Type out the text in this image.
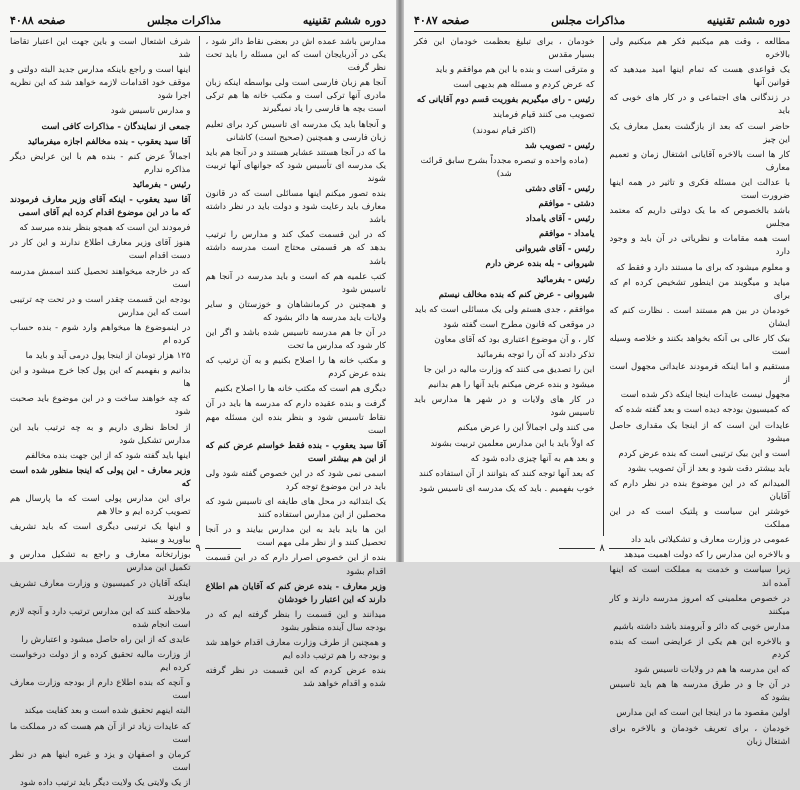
دوره ششم تقنینیه
مذاکرات مجلس
صفحه ۴۰۸۸

مدارس باشد عمده اش در بعضی نقاط دائر شود ، یکی در آذربایجان است که این مسئله را باید تحت نظر گرفت

آنجا هم زبان فارسی است ولی بواسطه اینکه زبان مادری آنها ترکی است و مکتب خانه ها هم ترکی است بچه ها فارسی را یاد نمیگیرند

و آنجاها باید یک مدرسه ای تاسیس کرد برای تعلیم زبان فارسی و همچنین (صحیح است) کاشانی

ما که در آنجا هستند عشایر هستند و در آنجا هم باید یک مدرسه ای تأسیس شود که جوانهای آنها تربیت شوند

بنده تصور میکنم اینها مسائلی است که در قانون معارف باید رعایت شود و دولت باید در نظر داشته باشد

که در این قسمت کمک کند و مدارس را ترتیب بدهد که هر قسمتی محتاج است مدرسه داشته باشد

کتب علمیه هم که است و باید مدرسه در آنجا هم تاسیس شود

و همچنین در کرمانشاهان و خوزستان و سایر ولایات باید مدرسه ها دائر بشود که

در آن جا هم مدرسه تاسیس شده باشد و اگر این کار شود که مدارس ما تحت

و مکتب خانه ها را اصلاح بکنیم و به آن ترتیب که بنده عرض کردم

دیگری هم است که مکتب خانه ها را اصلاح بکنیم

گرفت و بنده عقیده دارم که مدرسه ها باید در آن نقاط تاسیس شود و بنظر بنده این مسئله مهم است

آقا سید یعقوب - بنده فقط خواستم عرض کنم که از این هم بیشتر است

اسمی نمی شود که در این خصوص گفته شود ولی باید در این موضوع توجه کرد

یک ابتدائیه در محل های طایفه ای تاسیس شود که محصلین از این مدارس استفاده کنند

این ها باید باید به این مدارس بیایند و در آنجا تحصیل کنند و از نظر ملی مهم است

بنده از این خصوص اصرار دارم که در این قسمت اقدام بشود

وزیر معارف - بنده عرض کنم که آقایان هم اطلاع دارند که این اعتبار را خودشان

میدانند و این قسمت را بنظر گرفته ایم که در بودجه سال آینده منظور بشود

و همچنین از طرف وزارت معارف اقدام خواهد شد و بودجه را هم ترتیب داده ایم

بنده عرض کردم که این قسمت در نظر گرفته شده و اقدام خواهد شد

شرف اشتعال است و باین جهت این اعتبار تقاضا شد

اینها است و راجع باینکه مدارس جدید البته دولتی و موقف خود اقدامات لازمه خواهد شد که این نظریه اجرا شود

و مدارس تاسیس شود

جمعی از نمایندگان - مذاکرات کافی است

آقا سید یعقوب - بنده مخالفم اجازه میفرمائید

اجمالاً عرض کنم - بنده هم با این عرایض دیگر مذاکره ندارم

رئیس - بفرمائید

آقا سید یعقوب - اینکه آقای وزیر معارف فرمودند که ما در این موضوع اقدام کرده ایم آقای اسمی

فرمودند این است که همچو بنظر بنده میرسد که

هنوز آقای وزیر معارف اطلاع ندارند و این کار در دست اقدام است

که در خارجه میخواهند تحصیل کنند اسمش مدرسه است

بودجه این قسمت چقدر است و در تحت چه ترتیبی است که این مدارس

در اینموضوع ها میخواهم وارد شوم - بنده حساب کرده ام

۱۲۵ هزار تومان از اینجا پول درمی آید و باید ما

بدانیم و بفهمیم که این پول کجا خرج میشود و این ها

که چه خواهند ساخت و در این موضوع باید صحبت شود

از لحاظ نظری داریم و به چه ترتیب باید این مدارس تشکیل شود

اینها باید گفته شود که از این جهت بنده مخالفم

وزیر معارف - این پولی که اینجا منظور شده است که

برای این مدارس پولی است که ما پارسال هم تصویب کرده ایم و حالا هم

و اینها یک ترتیبی دیگری است که باید تشریف بیاورید و ببینید

بوزارتخانه معارف و راجع به تشکیل مدارس و تکمیل این مدارس

اینکه آقایان در کمیسیون و وزارت معارف تشریف بیاورند

ملاحظه کنند که این مدارس ترتیب دارد و آنچه لازم است انجام شده

عایدی که از این راه حاصل میشود و اعتبارش را

از وزارت مالیه تحقیق کرده و از دولت درخواست کرده ایم

و آنچه که بنده اطلاع دارم از بودجه وزارت معارف است

البته اینهم تحقیق شده است و بعد کفایت میکند

که عایدات زیاد تر از آن هم هست که در مملکت ما است

کرمان و اصفهان و یزد و غیره اینها هم در نظر است

از یک ولایتی یک ولایت دیگر باید ترتیب داده شود

۹
دوره ششم تقنینیه
مذاکرات مجلس
صفحه ۴۰۸۷

مطالعه ، وقت هم میکنیم فکر هم میکنیم ولی بالاخره

یک قواعدی هست که تمام اینها امید میدهید که قوانین آنها

در زندگانی های اجتماعی و در کار های خوبی که باید

حاضر است که بعد از بازگشت بعمل معارف یک این چیز

کار ها است بالاخره آقایانی اشتغال زمان و تعمیم معارف

با عدالت این مسئله فکری و تاثیر در همه اینها ضرورت است

باشد بالخصوص که ما یک دولتی داریم که معتمد مجلس

است همه مقامات و نظریاتی در آن باید و وجود دارد

و معلوم میشود که برای ما مستند دارد و فقط که

میاید و میگویند من اینطور تشخیص کرده ام که برای

خودمان در بین هم مستند است . نظارت کنم که ایشان

بیک کار عالی بی آنکه بخواهد بکنند و خلاصه وسیله است

مستقیم و اما اینکه فرمودند عایداتی مجهول است از

مجهول نیست عایدات اینجا اینکه ذکر شده است

که کمیسیون بودجه دیده است و بعد گفته شده که

عایدات این است که از اینجا یک مقداری حاصل میشود

است و این بیک ترتیبی است که بنده عرض کردم

باید بیشتر دقت شود و بعد از آن تصویب بشود

المیدانم که در این موضوع بنده در نظر دارم که آقایان

خوشتر این سیاست و پلتیک است که در این مملکت

عمومی در وزارت معارف و تشکیلاتی باید داد

و بالاخره این مدارس را که دولت اهمیت میدهد

زیرا سیاست و خدمت به مملکت است که اینها آمده اند

در خصوص معلمینی که امروز مدرسه دارند و کار میکنند

مدارس خوبی که دائر و آبرومند باشد داشته باشیم

و بالاخره این هم یکی از عرایضی است که بنده کردم

که این مدرسه ها هم در ولایات تاسیس شود

در آن جا و در طرق مدرسه ها هم باید تاسیس بشود که

اولین مقصود ما در اینجا این است که این مدارس

خودمان ، برای تعریف خودمان و بالاخره برای اشتغال زبان

خودمان ، برای تبلیغ بعظمت خودمان این فکر بسیار مقدس

و مترقی است و بنده با این هم موافقم و باید

که عرض کردم و مسئله هم بدیهی است

رئیس - رای میگیریم بفوریت قسم دوم آقایانی که

تصویب می کنند قیام فرمایند

(اکثر قیام نمودند)

رئیس - تصویب شد

(ماده واحده و تبصره مجدداً بشرح سابق قرائت شد)

رئیس - آقای دشتی

دشتی - موافقم

رئیس - آقای یامداد

یامداد - موافقم

رئیس - آقای شیروانی

شیروانی - بله بنده عرض دارم

رئیس - بفرمائید

شیروانی - عرض کنم که بنده مخالف نیستم

موافقم ، جدی هستم ولی یک مسائلی است که باید

در موقعی که قانون مطرح است گفته شود

کار ، و آن موضوع اعتباری بود که آقای معاون

تذکر دادند که آن را توجه بفرمائید

این را تصدیق می کنند که وزارت مالیه در این جا

میشود و بنده عرض میکنم باید آنها را هم بدانیم

در کار های ولایات و در شهر ها مدارس باید تاسیس شود

می کنند ولی اجمالاً این را عرض میکنم

که اولاً باید با این مدارس معلمین تربیت بشوند

و بعد هم به آنها چیزی داده شود که

که بعد آنها توجه کنند که بتوانند از آن استفاده کنند

خوب بفهمیم . باید که یک مدرسه ای تاسیس شود

۸
